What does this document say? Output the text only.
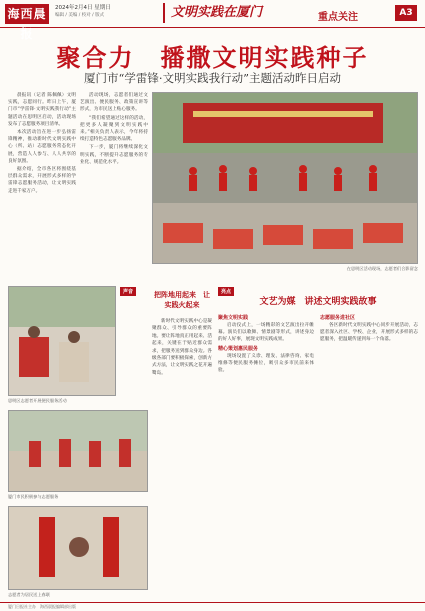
海西晨报
2024年2月4日 星期日
编辑 / 美编 / 校对 / 版式	文明实践在厦门	重点关注	A3
聚合力　播撒文明实践种子
厦门市“学雷锋·文明实践我行动”主题活动昨日启动

晨报讯（记者 陈佩佩）文明实践，志愿同行。昨日上午，厦门市“学雷锋·文明实践我行动”主题活动在思明区启动，活动现场发布了志愿服务项目清单。

本次活动旨在进一步弘扬雷锋精神，推动新时代文明实践中心（所、站）志愿服务常态化开展，营造人人参与、人人共享的良好氛围。

据介绍，全市各区将围绕基层群众需求，开展形式多样的学雷锋志愿服务活动，让文明实践走进千家万户。

活动现场，志愿者们通过文艺演出、便民服务、政策宣讲等形式，为市民送上贴心服务。

“我们希望通过这样的活动，把更多人凝聚到文明实践中来。”相关负责人表示，今年将持续打造特色志愿服务品牌。

下一步，厦门将继续深化文明实践，不断提升志愿服务的专业化、规范化水平。

在思明区活动现场，志愿者们合影留念
思明区志愿者开展便民服务活动
厦门市民积极参与志愿服务
志愿者为居民送上春联
声音	把阵地用起来　让实践火起来

新时代文明实践中心是凝聚群众、引导群众的重要阵地。要让阵地真正用起来、活起来，关键在于贴近群众需求，把服务送到群众身边。各级各部门要积极探索，创新方式方法，让文明实践之花开遍鹭岛。

亮点
文艺为媒　讲述文明实践故事
聚焦文明实践

启动仪式上，一场精彩的文艺演出拉开帷幕。演员们以歌舞、情景剧等形式，讲述身边的好人好事，展现文明实践成果。

精心策划惠民服务

现场设置了义诊、理发、法律咨询、家电维修等便民服务摊位，吸引众多市民前来体验。

志愿服务进社区

各区新时代文明实践中心同步开展活动，志愿者深入社区、学校、企业，开展形式多样的志愿服务，把温暖传递到每一个角落。

厦门日报社主办　海西晨报编辑部出版
